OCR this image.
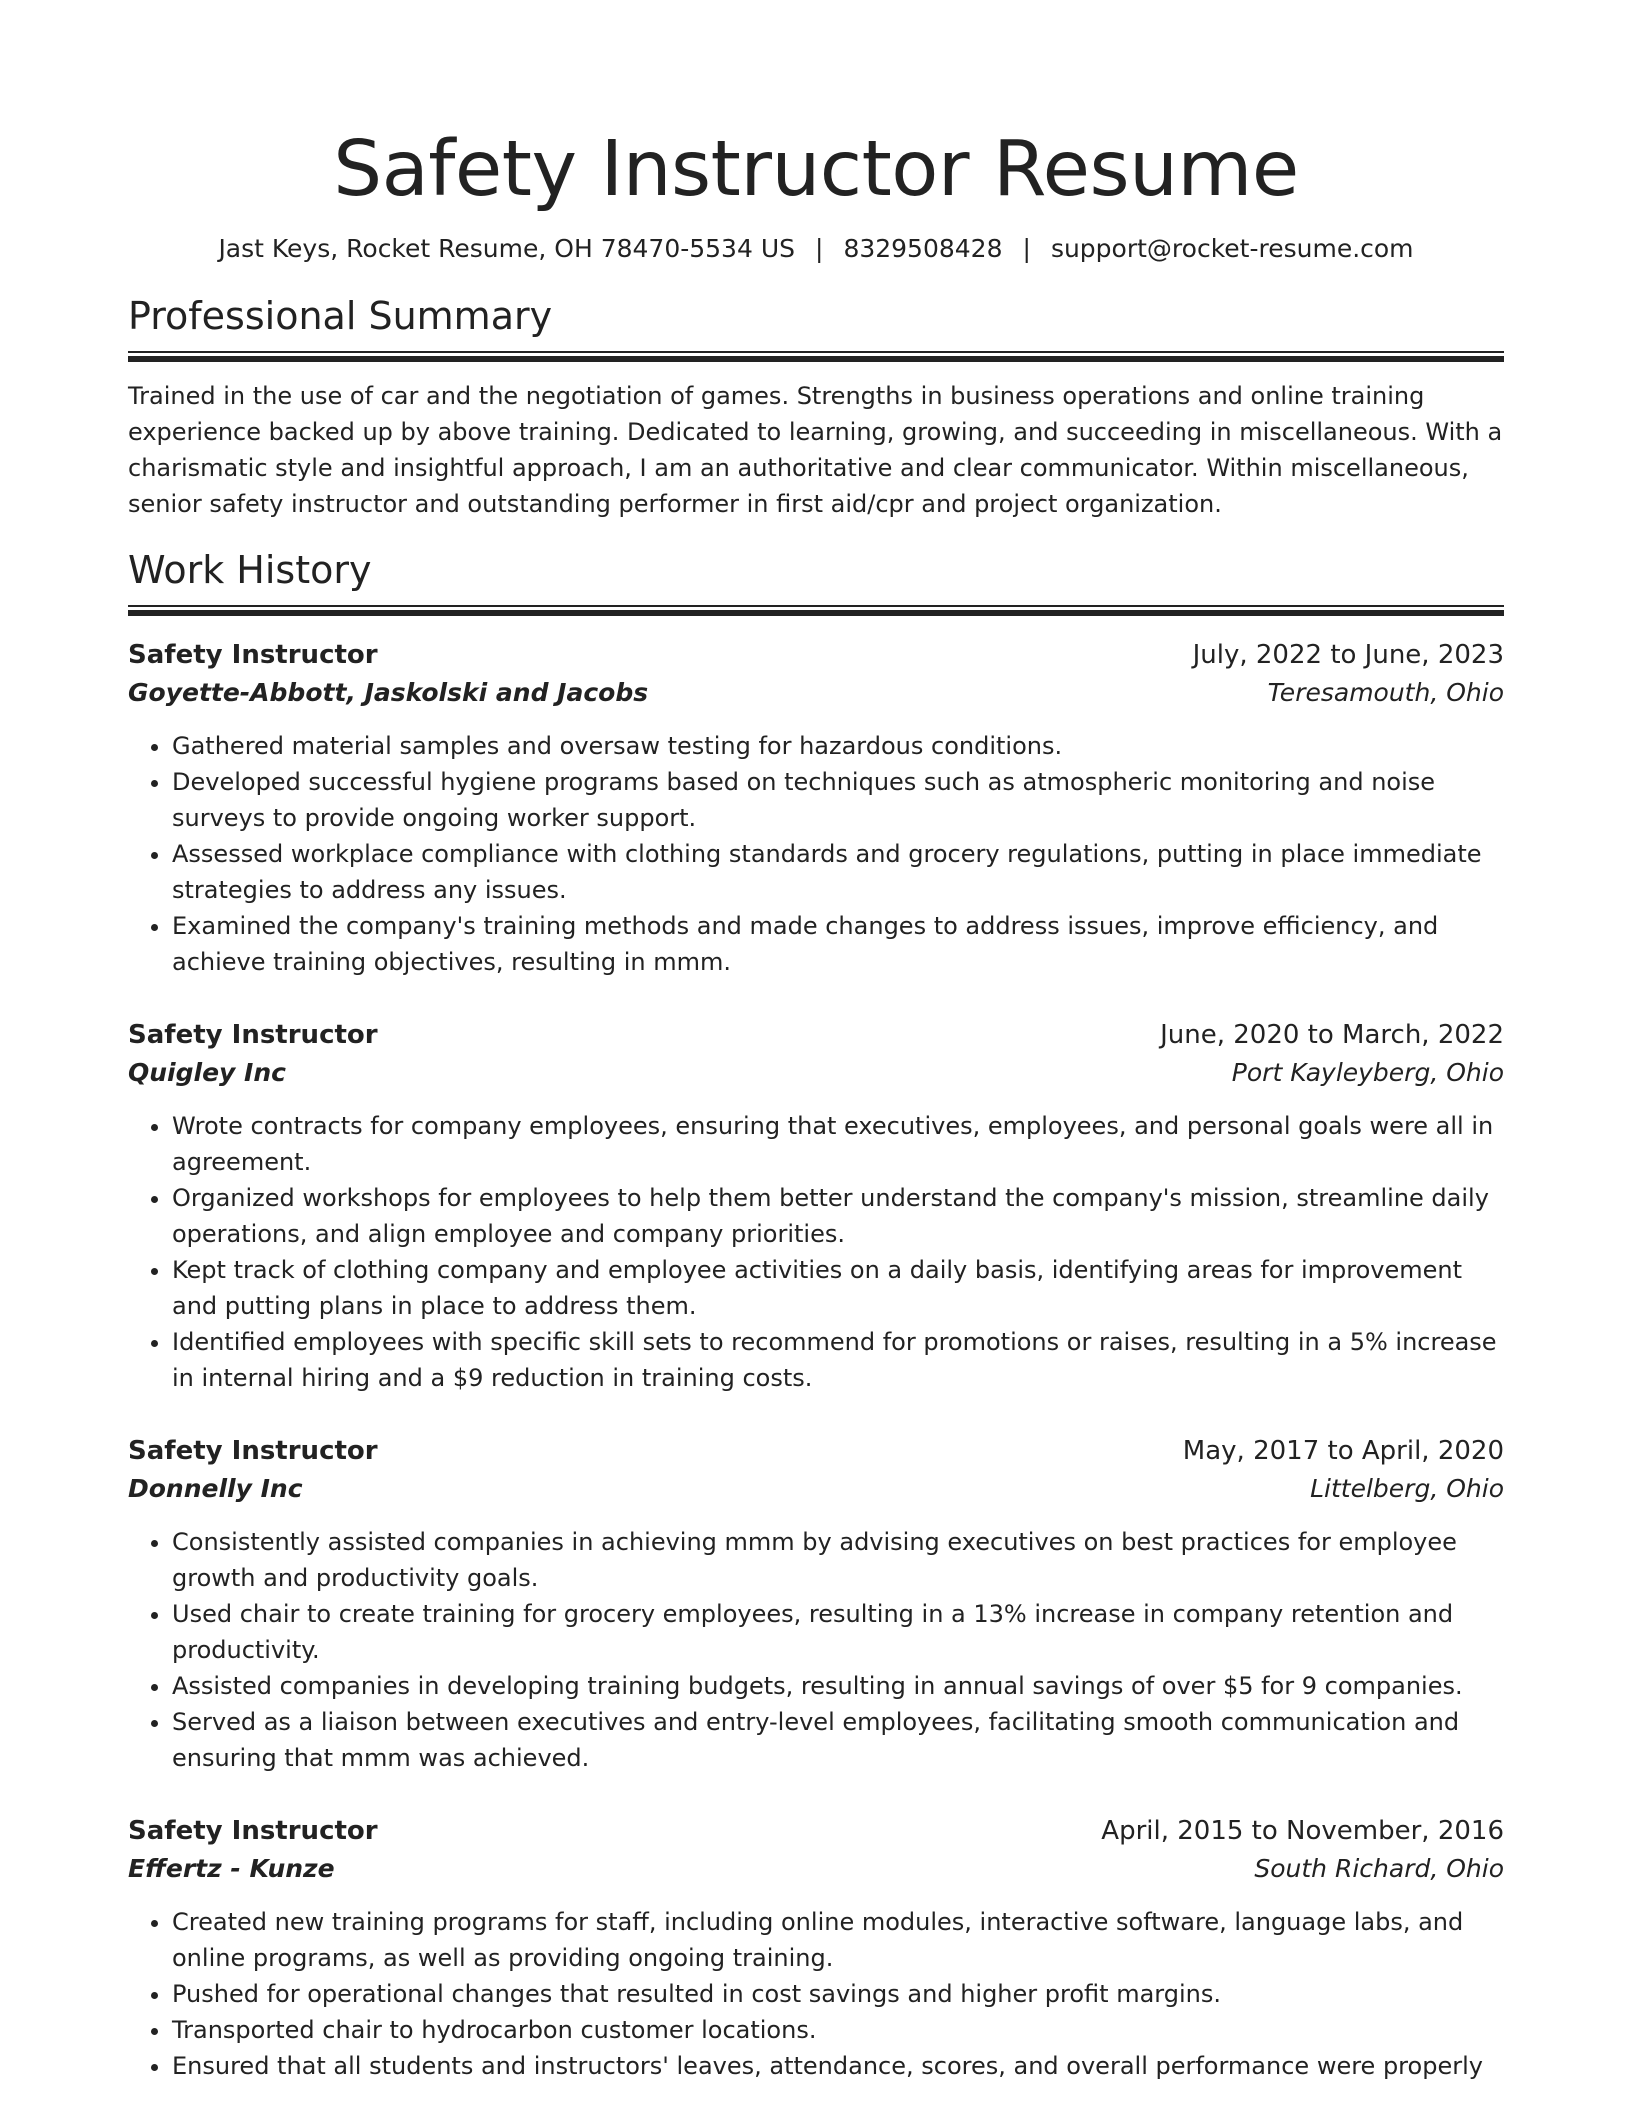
Safety Instructor Resume
Jast Keys, Rocket Resume, OH 78470-5534 US | 8329508428 | support@rocket-resume.com
Professional Summary

Trained in the use of car and the negotiation of games. Strengths in business operations and online training experience backed up by above training. Dedicated to learning, growing, and succeeding in miscellaneous. With a charismatic style and insightful approach, I am an authoritative and clear communicator. Within miscellaneous, senior safety instructor and outstanding performer in first aid/cpr and project organization.

Work History
Safety Instructor	July, 2022 to June, 2023
Goyette-Abbott, Jaskolski and Jacobs	Teresamouth, Ohio
• Gathered material samples and oversaw testing for hazardous conditions.
• Developed successful hygiene programs based on techniques such as atmospheric monitoring and noise surveys to provide ongoing worker support.
• Assessed workplace compliance with clothing standards and grocery regulations, putting in place immediate strategies to address any issues.
• Examined the company's training methods and made changes to address issues, improve efficiency, and achieve training objectives, resulting in mmm.
Safety Instructor	June, 2020 to March, 2022
Quigley Inc	Port Kayleyberg, Ohio
• Wrote contracts for company employees, ensuring that executives, employees, and personal goals were all in agreement.
• Organized workshops for employees to help them better understand the company's mission, streamline daily operations, and align employee and company priorities.
• Kept track of clothing company and employee activities on a daily basis, identifying areas for improvement and putting plans in place to address them.
• Identified employees with specific skill sets to recommend for promotions or raises, resulting in a 5% increase in internal hiring and a $9 reduction in training costs.
Safety Instructor	May, 2017 to April, 2020
Donnelly Inc	Littelberg, Ohio
• Consistently assisted companies in achieving mmm by advising executives on best practices for employee growth and productivity goals.
• Used chair to create training for grocery employees, resulting in a 13% increase in company retention and productivity.
• Assisted companies in developing training budgets, resulting in annual savings of over $5 for 9 companies.
• Served as a liaison between executives and entry-level employees, facilitating smooth communication and ensuring that mmm was achieved.
Safety Instructor	April, 2015 to November, 2016
Effertz - Kunze	South Richard, Ohio
• Created new training programs for staff, including online modules, interactive software, language labs, and online programs, as well as providing ongoing training.
• Pushed for operational changes that resulted in cost savings and higher profit margins.
• Transported chair to hydrocarbon customer locations.
• Ensured that all students and instructors' leaves, attendance, scores, and overall performance were properly
